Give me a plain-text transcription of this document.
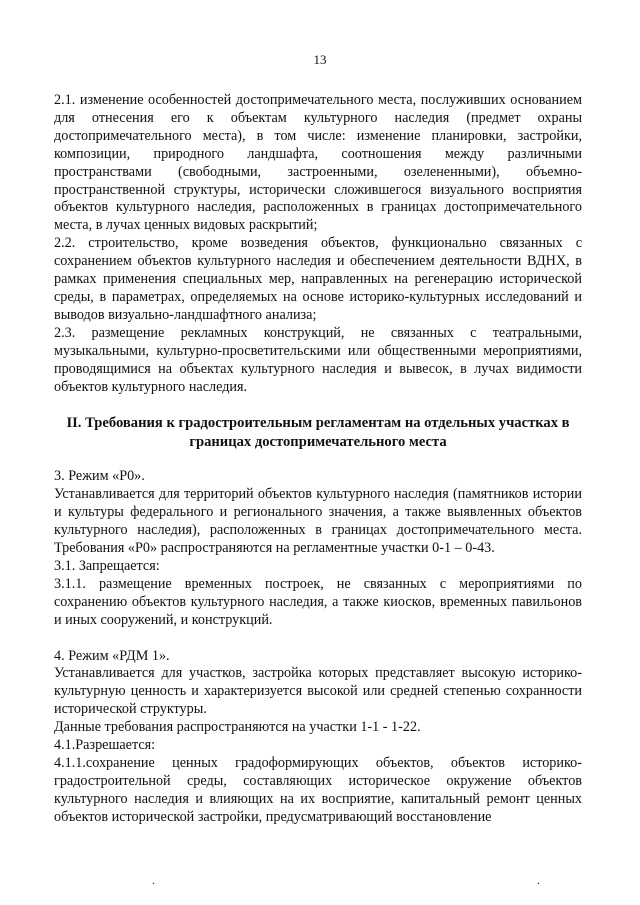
13

2.1. изменение особенностей достопримечательного места, послуживших основанием для отнесения его к объектам культурного наследия (предмет охраны достопримечательного места), в том числе: изменение планировки, застройки, композиции, природного ландшафта, соотношения между различными пространствами (свободными, застроенными, озелененными), объемно-пространственной структуры, исторически сложившегося визуального восприятия объектов культурного наследия, расположенных в границах достопримечательного места, в лучах ценных видовых раскрытий;

2.2. строительство, кроме возведения объектов, функционально связанных с сохранением объектов культурного наследия и обеспечением деятельности ВДНХ, в рамках применения специальных мер, направленных на регенерацию исторической среды, в параметрах, определяемых на основе историко-культурных исследований и выводов визуально-ландшафтного анализа;

2.3. размещение рекламных конструкций, не связанных с театральными, музыкальными, культурно-просветительскими или общественными мероприятиями, проводящимися на объектах культурного наследия и вывесок, в лучах видимости объектов культурного наследия.

II. Требования к градостроительным регламентам на отдельных участках в границах достопримечательного места

3. Режим «Р0».

Устанавливается для территорий объектов культурного наследия (памятников истории и культуры федерального и регионального значения, а также выявленных объектов культурного наследия), расположенных в границах достопримечательного места. Требования «Р0» распространяются на регламентные участки 0-1 – 0-43.

3.1. Запрещается:

3.1.1. размещение временных построек, не связанных с мероприятиями по сохранению объектов культурного наследия, а также киосков, временных павильонов и иных сооружений, и конструкций.

4. Режим «РДМ 1».

Устанавливается для участков, застройка которых представляет высокую историко-культурную ценность и характеризуется высокой или средней степенью сохранности исторической структуры.

Данные требования распространяются на участки 1-1 - 1-22.

4.1.Разрешается:

4.1.1.сохранение ценных градоформирующих объектов, объектов историко-градостроительной среды, составляющих историческое окружение объектов культурного наследия и влияющих на их восприятие, капитальный ремонт ценных объектов исторической застройки, предусматривающий восстановление

.	.
